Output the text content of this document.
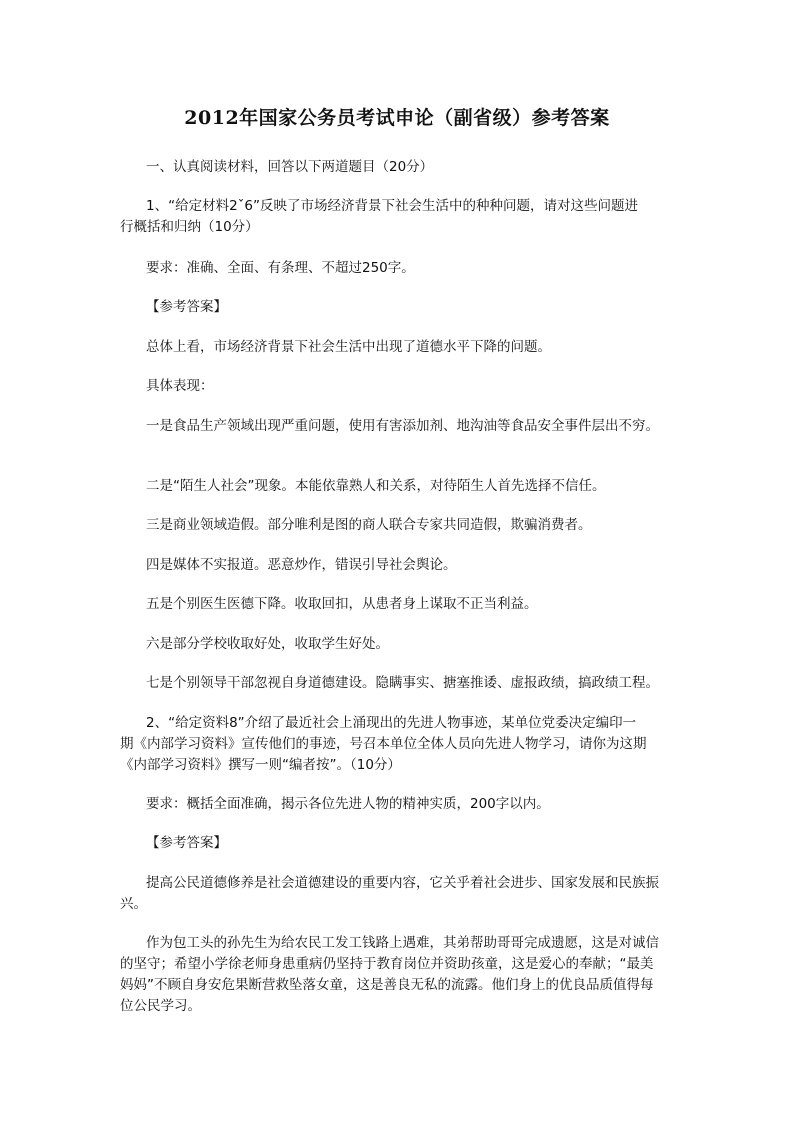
2012年国家公务员考试申论（副省级）参考答案
一、认真阅读材料，回答以下两道题目（20分）
1、“给定材料2ˇ6”反映了市场经济背景下社会生活中的种种问题，请对这些问题进
行概括和归纳（10分）
要求：准确、全面、有条理、不超过250字。
【参考答案】
总体上看，市场经济背景下社会生活中出现了道德水平下降的问题。
具体表现：
一是食品生产领域出现严重问题，使用有害添加剂、地沟油等食品安全事件层出不穷。
二是“陌生人社会”现象。本能依靠熟人和关系，对待陌生人首先选择不信任。
三是商业领域造假。部分唯利是图的商人联合专家共同造假，欺骗消费者。
四是媒体不实报道。恶意炒作，错误引导社会舆论。
五是个别医生医德下降。收取回扣，从患者身上谋取不正当利益。
六是部分学校收取好处，收取学生好处。
七是个别领导干部忽视自身道德建设。隐瞒事实、搪塞推诿、虚报政绩，搞政绩工程。
2、“给定资料8”介绍了最近社会上涌现出的先进人物事迹，某单位党委决定编印一
期《内部学习资料》宣传他们的事迹，号召本单位全体人员向先进人物学习，请你为这期
《内部学习资料》撰写一则“编者按”。（10分）
要求：概括全面准确，揭示各位先进人物的精神实质，200字以内。
【参考答案】
提高公民道德修养是社会道德建设的重要内容，它关乎着社会进步、国家发展和民族振
兴。
作为包工头的孙先生为给农民工发工钱路上遇难，其弟帮助哥哥完成遗愿，这是对诚信
的坚守；希望小学徐老师身患重病仍坚持于教育岗位并资助孩童，这是爱心的奉献；“最美
妈妈”不顾自身安危果断营救坠落女童，这是善良无私的流露。他们身上的优良品质值得每
位公民学习。
